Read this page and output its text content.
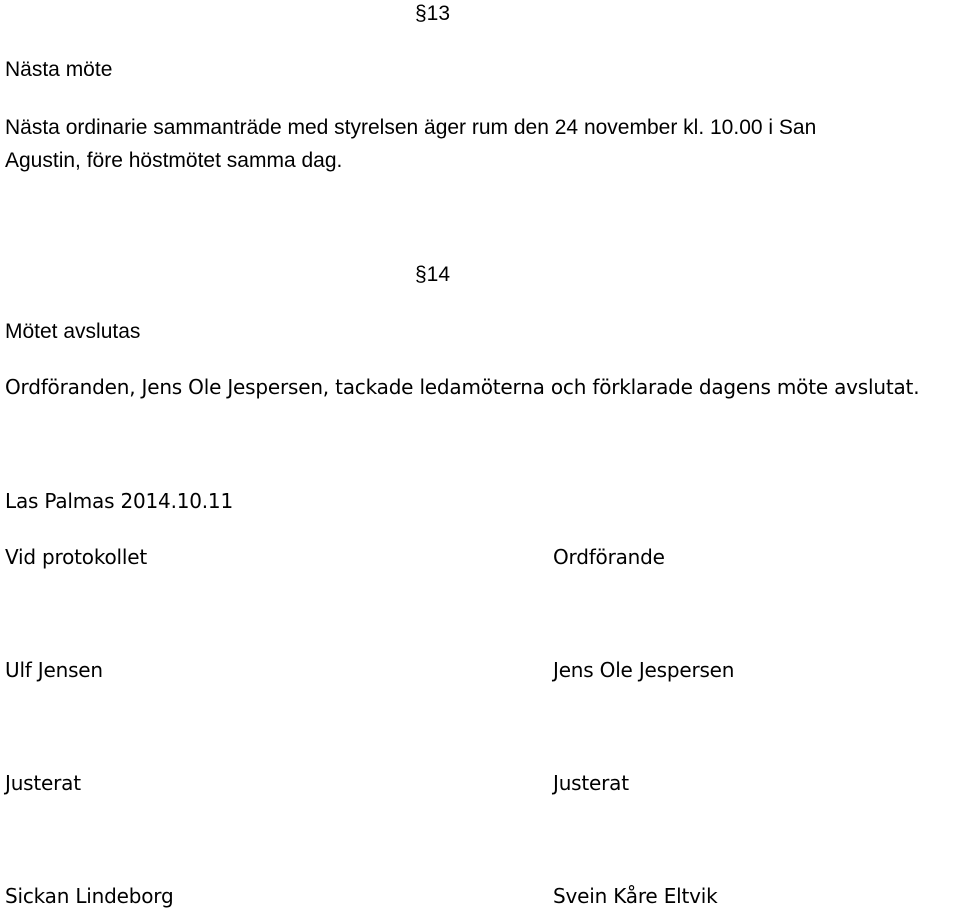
§13
Nästa möte
Nästa ordinarie sammanträde med styrelsen äger rum den 24 november kl. 10.00 i San
Agustin, före höstmötet samma dag.
§14
Mötet avslutas
Ordföranden, Jens Ole Jespersen, tackade ledamöterna och förklarade dagens möte avslutat.
Las Palmas 2014.10.11
Vid protokollet	Ordförande
Ulf Jensen	Jens Ole Jespersen
Justerat	Justerat
Sickan Lindeborg	Svein Kåre Eltvik
